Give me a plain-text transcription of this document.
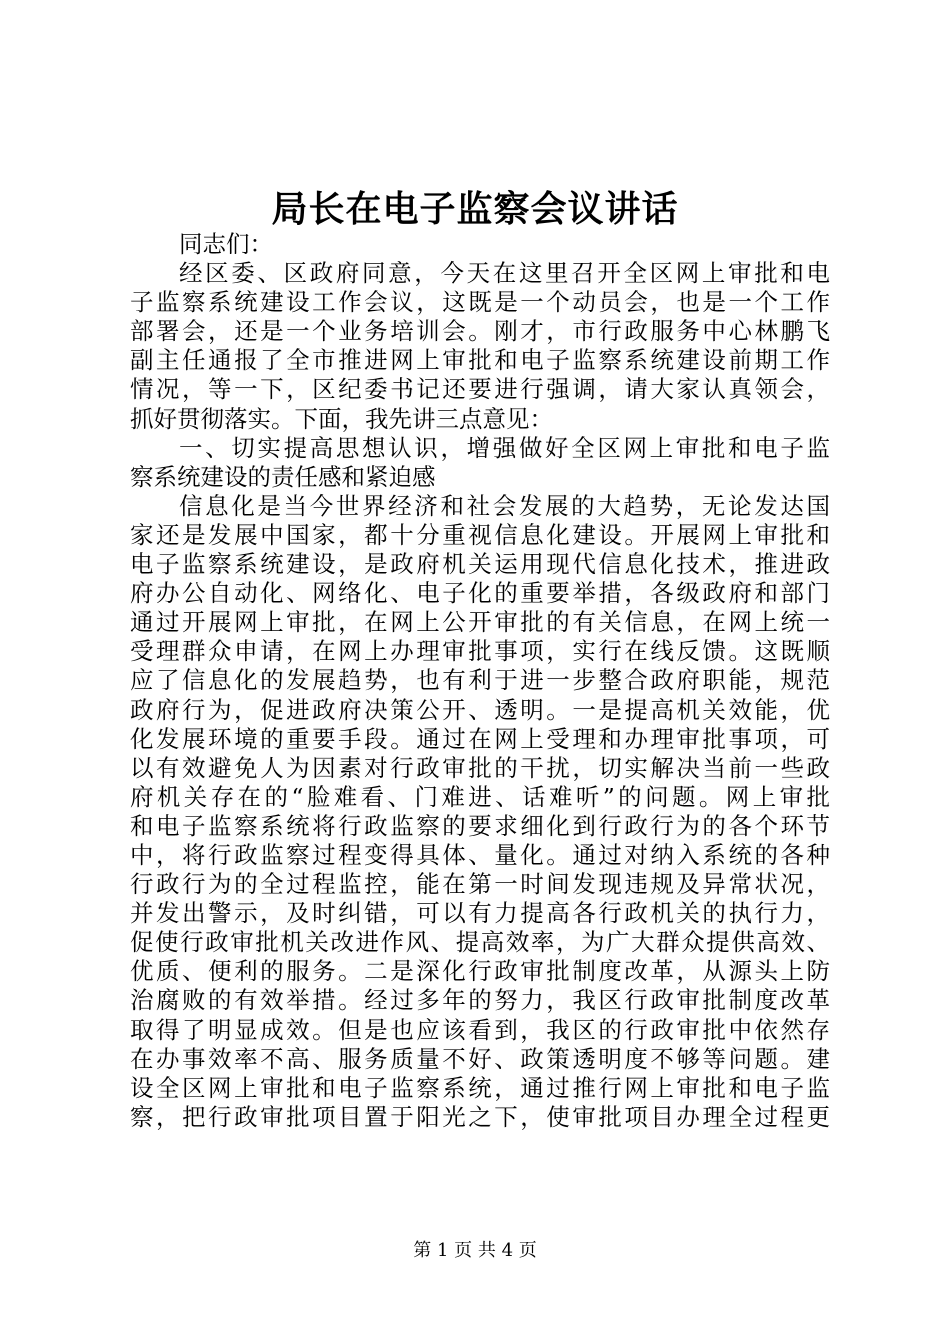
局长在电子监察会议讲话
同志们：
经区委、区政府同意，今天在这里召开全区网上审批和电
子监察系统建设工作会议，这既是一个动员会，也是一个工作
部署会，还是一个业务培训会。刚才，市行政服务中心林鹏飞
副主任通报了全市推进网上审批和电子监察系统建设前期工作
情况，等一下，区纪委书记还要进行强调，请大家认真领会，
抓好贯彻落实。下面，我先讲三点意见：
一、切实提高思想认识，增强做好全区网上审批和电子监
察系统建设的责任感和紧迫感
信息化是当今世界经济和社会发展的大趋势，无论发达国
家还是发展中国家，都十分重视信息化建设。开展网上审批和
电子监察系统建设，是政府机关运用现代信息化技术，推进政
府办公自动化、网络化、电子化的重要举措，各级政府和部门
通过开展网上审批，在网上公开审批的有关信息，在网上统一
受理群众申请，在网上办理审批事项，实行在线反馈。这既顺
应了信息化的发展趋势，也有利于进一步整合政府职能，规范
政府行为，促进政府决策公开、透明。一是提高机关效能，优
化发展环境的重要手段。通过在网上受理和办理审批事项，可
以有效避免人为因素对行政审批的干扰，切实解决当前一些政
府机关存在的“脸难看、门难进、话难听”的问题。网上审批
和电子监察系统将行政监察的要求细化到行政行为的各个环节
中，将行政监察过程变得具体、量化。通过对纳入系统的各种
行政行为的全过程监控，能在第一时间发现违规及异常状况，
并发出警示，及时纠错，可以有力提高各行政机关的执行力，
促使行政审批机关改进作风、提高效率，为广大群众提供高效、
优质、便利的服务。二是深化行政审批制度改革，从源头上防
治腐败的有效举措。经过多年的努力，我区行政审批制度改革
取得了明显成效。但是也应该看到，我区的行政审批中依然存
在办事效率不高、服务质量不好、政策透明度不够等问题。建
设全区网上审批和电子监察系统，通过推行网上审批和电子监
察，把行政审批项目置于阳光之下，使审批项目办理全过程更
第 1 页 共 4 页
